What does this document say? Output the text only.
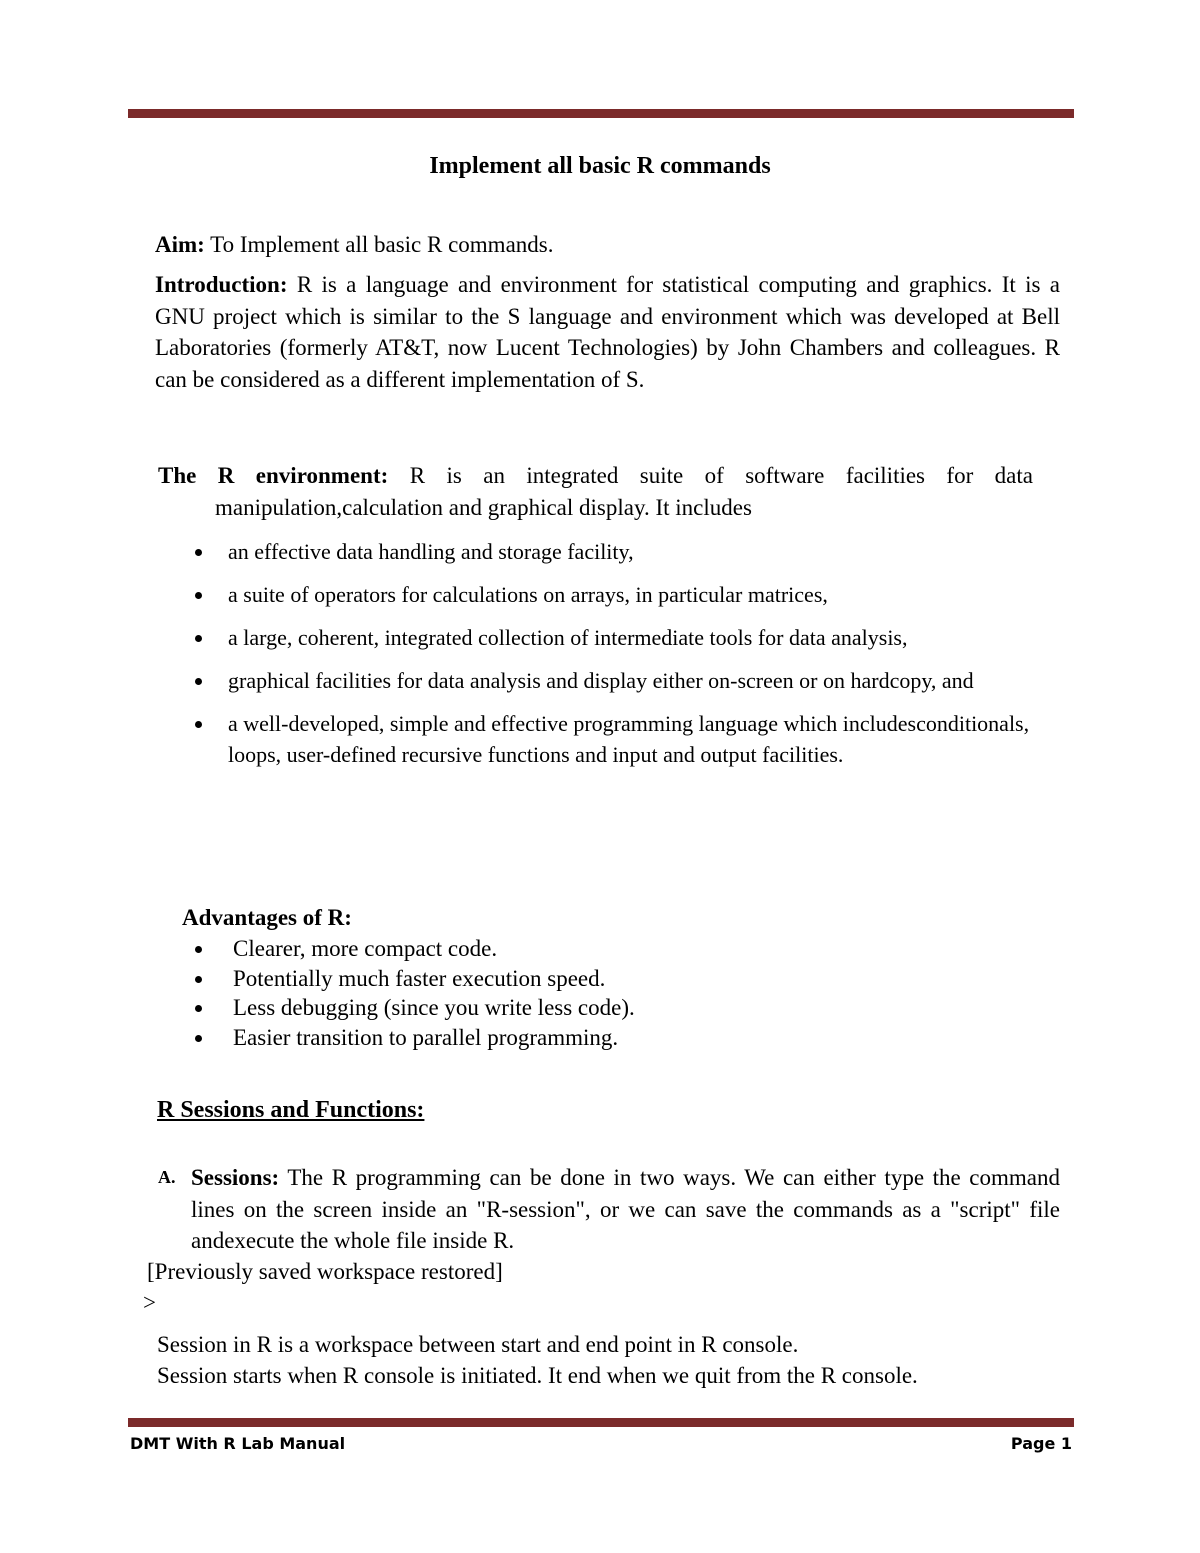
Implement all basic R commands
Aim: To Implement all basic R commands.
Introduction: R is a language and environment for statistical computing and graphics. It is a GNU project which is similar to the S language and environment which was developed at Bell Laboratories (formerly AT&T, now Lucent Technologies) by John Chambers and colleagues. R can be considered as a different implementation of S.
The R environment: R is an integrated suite of software facilities for data manipulation,calculation and graphical display. It includes
an effective data handling and storage facility,
a suite of operators for calculations on arrays, in particular matrices,
a large, coherent, integrated collection of intermediate tools for data analysis,
graphical facilities for data analysis and display either on-screen or on hardcopy, and
a well-developed, simple and effective programming language which includesconditionals, loops, user-defined recursive functions and input and output facilities.
Advantages of R:
Clearer, more compact code.
Potentially much faster execution speed.
Less debugging (since you write less code).
Easier transition to parallel programming.
R Sessions and Functions:
A. Sessions: The R programming can be done in two ways. We can either type the command lines on the screen inside an "R-session", or we can save the commands as a "script" file andexecute the whole file inside R.
[Previously saved workspace restored]
>
Session in R is a workspace between start and end point in R console.
Session starts when R console is initiated. It end when we quit from the R console.
DMT With R Lab Manual	Page 1
